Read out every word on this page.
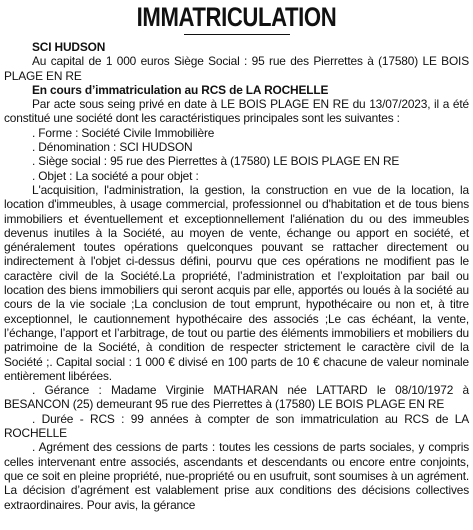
IMMATRICULATION

SCI HUDSON

Au capital de 1 000 euros Siège Social : 95 rue des Pierrettes à (17580) LE BOIS PLAGE EN RE

En cours d’immatriculation au RCS de LA ROCHELLE

Par acte sous seing privé en date à LE BOIS PLAGE EN RE du 13/07/2023, il a été constitué une société dont les caractéristiques principales sont les suivantes :

. Forme : Société Civile Immobilière

. Dénomination : SCI HUDSON

. Siège social : 95 rue des Pierrettes à (17580) LE BOIS PLAGE EN RE

. Objet : La société a pour objet :

L'acquisition, l'administration, la gestion, la construction en vue de la location, la location d'immeubles, à usage commercial, professionnel ou d'habitation et de tous biens immobiliers et éventuellement et exceptionnellement l'aliénation du ou des immeubles devenus inutiles à la Société, au moyen de vente, échange ou apport en société, et généralement toutes opérations quelconques pouvant se rattacher directement ou indirectement à l'objet ci-dessus défini, pourvu que ces opérations ne modifient pas le caractère civil de la Société.La propriété, l’administration et l’exploitation par bail ou location des biens immobiliers qui seront acquis par elle, apportés ou loués à la société au cours de la vie sociale ;La conclusion de tout emprunt, hypothécaire ou non et, à titre exceptionnel, le cautionnement hypothécaire des associés ;Le cas échéant, la vente, l’échange, l’apport et l’arbitrage, de tout ou partie des éléments immobiliers et mobiliers du patrimoine de la Société, à condition de respecter strictement le caractère civil de la Société ;. Capital social : 1 000 € divisé en 100 parts de 10 € chacune de valeur nominale entièrement libérées.

. Gérance : Madame Virginie MATHARAN née LATTARD le 08/10/1972 à BESANCON (25) demeurant 95 rue des Pierrettes à (17580) LE BOIS PLAGE EN RE

. Durée - RCS : 99 années à compter de son immatriculation au RCS de LA ROCHELLE

. Agrément des cessions de parts : toutes les cessions de parts sociales, y compris celles intervenant entre associés, ascendants et descendants ou encore entre conjoints, que ce soit en pleine propriété, nue-propriété ou en usufruit, sont soumises à un agrément. La décision d’agrément est valablement prise aux conditions des décisions collectives extraordinaires. Pour avis, la gérance
